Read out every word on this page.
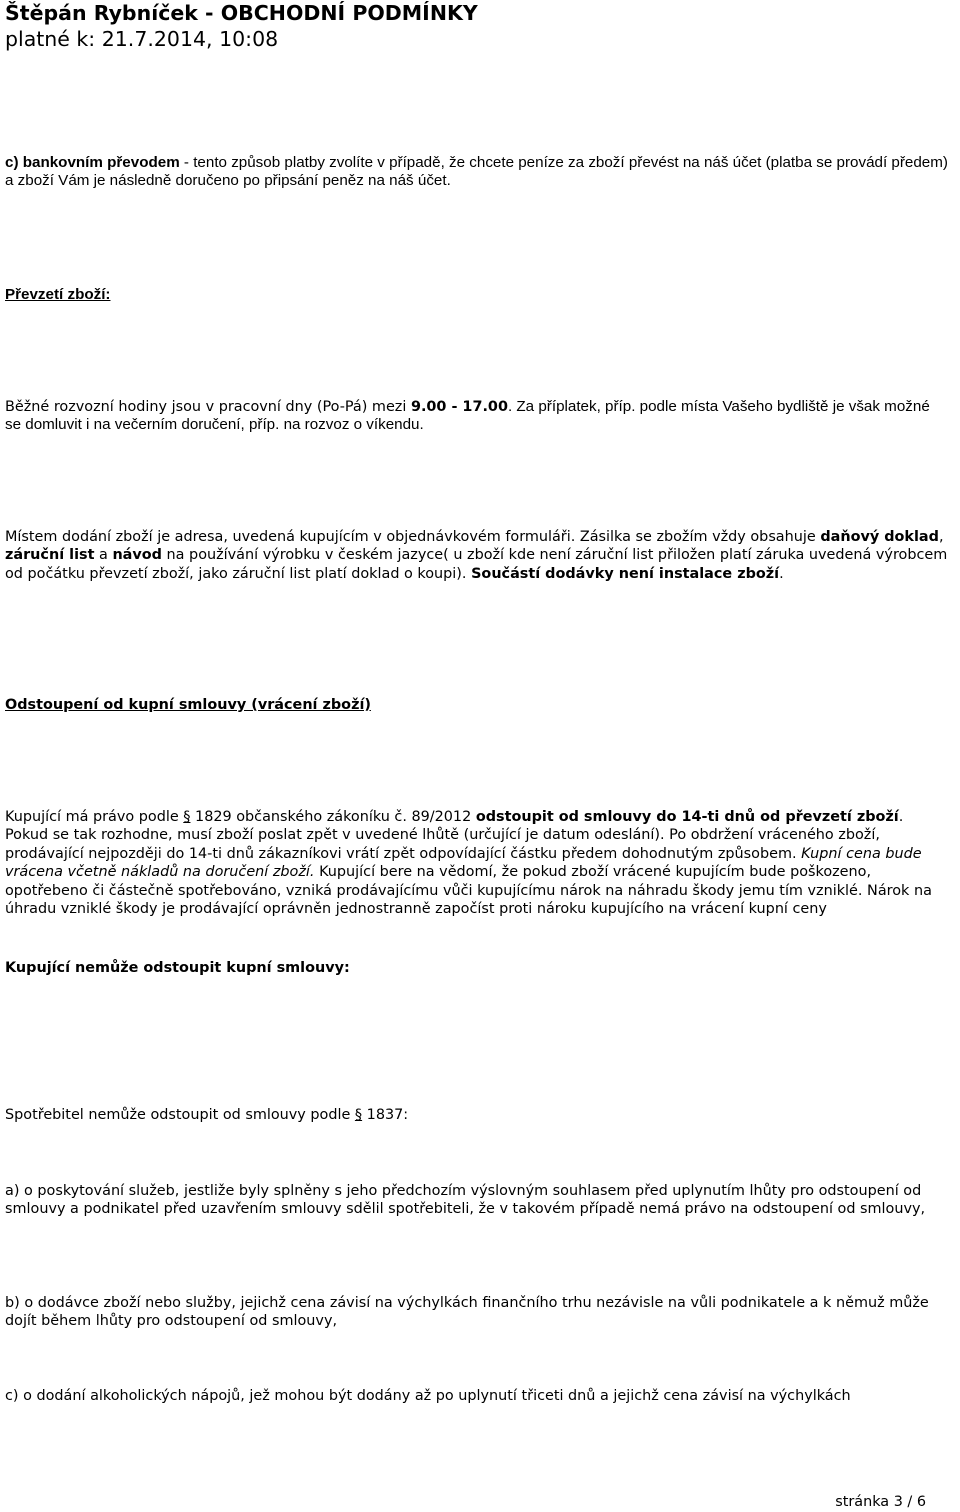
Štěpán Rybníček - OBCHODNÍ PODMÍNKY
platné k: 21.7.2014, 10:08

c) bankovním převodem - tento způsob platby zvolíte v případě, že chcete peníze za zboží převést na náš účet (platba se provádí předem) a zboží Vám je následně doručeno po připsání peněz na náš účet.

Převzetí zboží:

Běžné rozvozní hodiny jsou v pracovní dny (Po-Pá) mezi 9.00 - 17.00. Za příplatek, příp. podle místa Vašeho bydliště je však možné se domluvit i na večerním doručení, příp. na rozvoz o víkendu.

Místem dodání zboží je adresa, uvedená kupujícím v objednávkovém formuláři. Zásilka se zbožím vždy obsahuje daňový doklad, záruční list a návod na používání výrobku v českém jazyce( u zboží kde není záruční list přiložen platí záruka uvedená výrobcem od počátku převzetí zboží, jako záruční list platí doklad o koupi). Součástí dodávky není instalace zboží.

Odstoupení od kupní smlouvy (vrácení zboží)

Kupující má právo podle § 1829 občanského zákoníku č. 89/2012 odstoupit od smlouvy do 14-ti dnů od převzetí zboží. Pokud se tak rozhodne, musí zboží poslat zpět v uvedené lhůtě (určující je datum odeslání). Po obdržení vráceného zboží, prodávající nejpozději do 14-ti dnů zákazníkovi vrátí zpět odpovídající částku předem dohodnutým způsobem. Kupní cena bude vrácena včetně nákladů na doručení zboží. Kupující bere na vědomí, že pokud zboží vrácené kupujícím bude poškozeno, opotřebeno či částečně spotřebováno, vzniká prodávajícímu vůči kupujícímu nárok na náhradu škody jemu tím vzniklé. Nárok na úhradu vzniklé škody je prodávající oprávněn jednostranně započíst proti nároku kupujícího na vrácení kupní ceny

Kupující nemůže odstoupit kupní smlouvy:

Spotřebitel nemůže odstoupit od smlouvy podle § 1837:

a) o poskytování služeb, jestliže byly splněny s jeho předchozím výslovným souhlasem před uplynutím lhůty pro odstoupení od smlouvy a podnikatel před uzavřením smlouvy sdělil spotřebiteli, že v takovém případě nemá právo na odstoupení od smlouvy,

b) o dodávce zboží nebo služby, jejichž cena závisí na výchylkách finančního trhu nezávisle na vůli podnikatele a k němuž může dojít během lhůty pro odstoupení od smlouvy,

c) o dodání alkoholických nápojů, jež mohou být dodány až po uplynutí třiceti dnů a jejichž cena závisí na výchylkách

stránka 3 / 6
